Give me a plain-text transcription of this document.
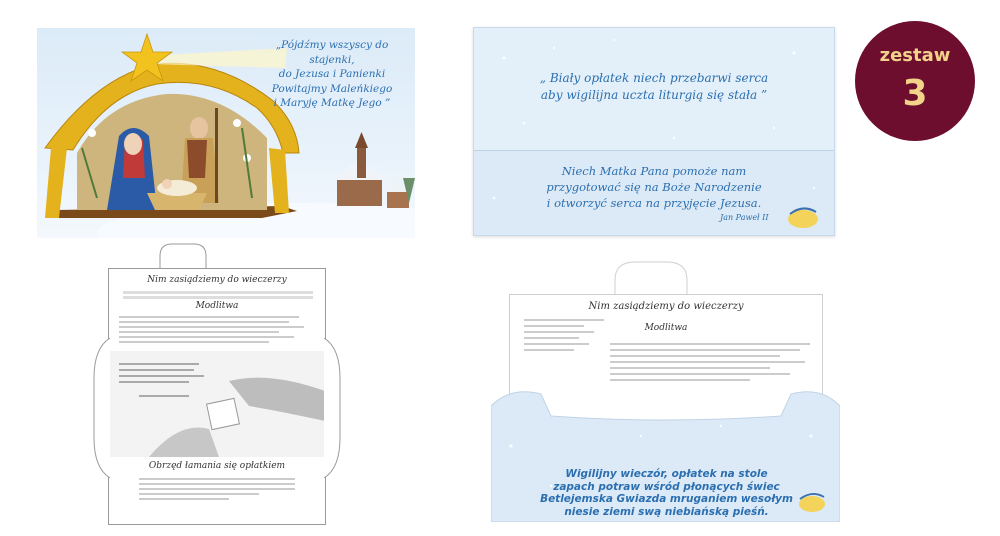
„Pójdźmy wszyscy do stajenki,
do Jezusa i Panienki
Powitajmy Maleńkiego
i Maryję Matkę Jego ”
„ Biały opłatek niech przebarwi serca
aby wigilijna uczta liturgią się stała ”
Niech Matka Pana pomoże nam
przygotować się na Boże Narodzenie
i otworzyć serca na przyjęcie Jezusa.
Jan Paweł II
zestaw
3
Nim zasiądziemy do wieczerzy
Modlitwa
Obrzęd łamania się opłatkiem
Nim zasiądziemy do wieczerzy
Modlitwa
Wigilijny wieczór, opłatek na stole
zapach potraw wśród płonących świec
Betlejemska Gwiazda mruganiem wesołym
niesie ziemi swą niebiańską pieśń.
